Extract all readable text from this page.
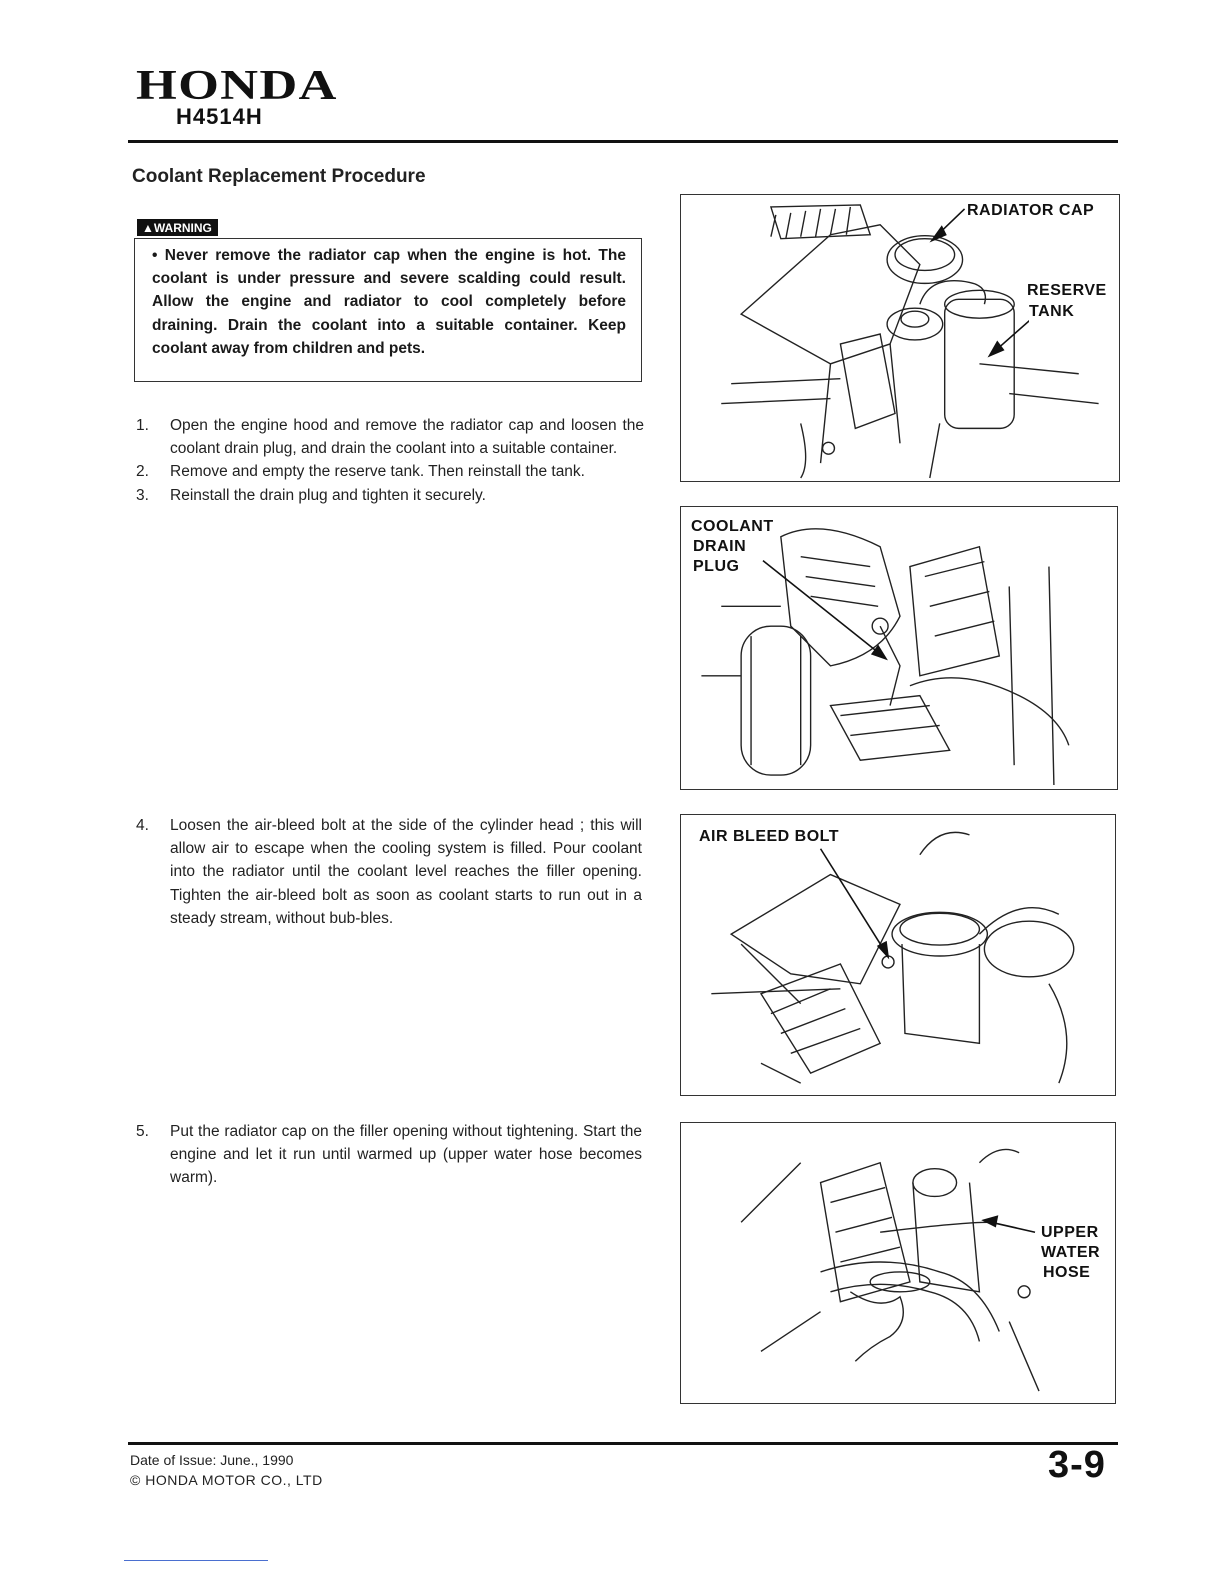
HONDA
H4514H
Coolant Replacement Procedure
▲WARNING
• Never remove the radiator cap when the engine is hot. The coolant is under pressure and severe scalding could result. Allow the engine and radiator to cool completely before draining. Drain the coolant into a suitable container. Keep coolant away from children and pets.
1.	Open the engine hood and remove the radiator cap and loosen the coolant drain plug, and drain the coolant into a suitable container.
2.	Remove and empty the reserve tank. Then reinstall the tank.
3.	Reinstall the drain plug and tighten it securely.
4.	Loosen the air-bleed bolt at the side of the cylinder head ; this will allow air to escape when the cooling system is filled. Pour coolant into the radiator until the coolant level reaches the filler opening. Tighten the air-bleed bolt as soon as coolant starts to run out in a steady stream, without bub-bles.
5.	Put the radiator cap on the filler opening without tightening. Start the engine and let it run until warmed up (upper water hose becomes warm).
RADIATOR CAP
RESERVE
TANK
COOLANT
DRAIN
PLUG
AIR BLEED BOLT
UPPER
WATER
HOSE
Date of Issue: June., 1990
© HONDA MOTOR CO., LTD	3-9
